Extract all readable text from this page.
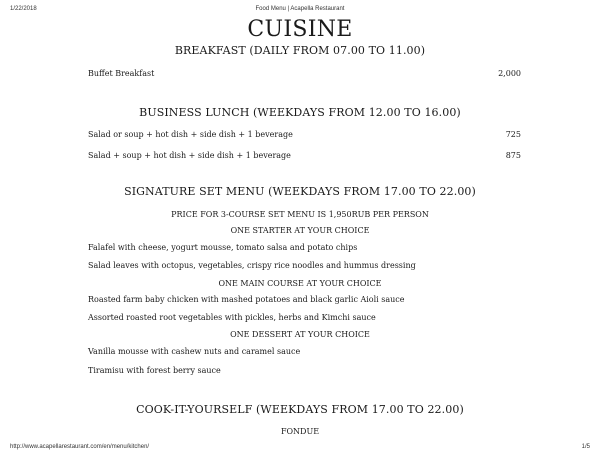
1/22/2018	Food Menu | Acapella Restaurant
CUISINE
BREAKFAST (DAILY FROM 07.00 TO 11.00)
Buffet Breakfast	2,000
BUSINESS LUNCH (WEEKDAYS FROM 12.00 TO 16.00)
Salad or soup + hot dish + side dish + 1 beverage	725
Salad + soup + hot dish + side dish + 1 beverage	875
SIGNATURE SET MENU (WEEKDAYS FROM 17.00 TO 22.00)
PRICE FOR 3-COURSE SET MENU IS 1,950RUB PER PERSON
ONE STARTER AT YOUR CHOICE
Falafel with cheese, yogurt mousse, tomato salsa and potato chips
Salad leaves with octopus, vegetables, crispy rice noodles and hummus dressing
ONE MAIN COURSE AT YOUR CHOICE
Roasted farm baby chicken with mashed potatoes and black garlic Aioli sauce
Assorted roasted root vegetables with pickles, herbs and Kimchi sauce
ONE DESSERT AT YOUR CHOICE
Vanilla mousse with cashew nuts and caramel sauce
Tiramisu with forest berry sauce
COOK-IT-YOURSELF (WEEKDAYS FROM 17.00 TO 22.00)
FONDUE
http://www.acapellarestaurant.com/en/menu/kitchen/	1/5
